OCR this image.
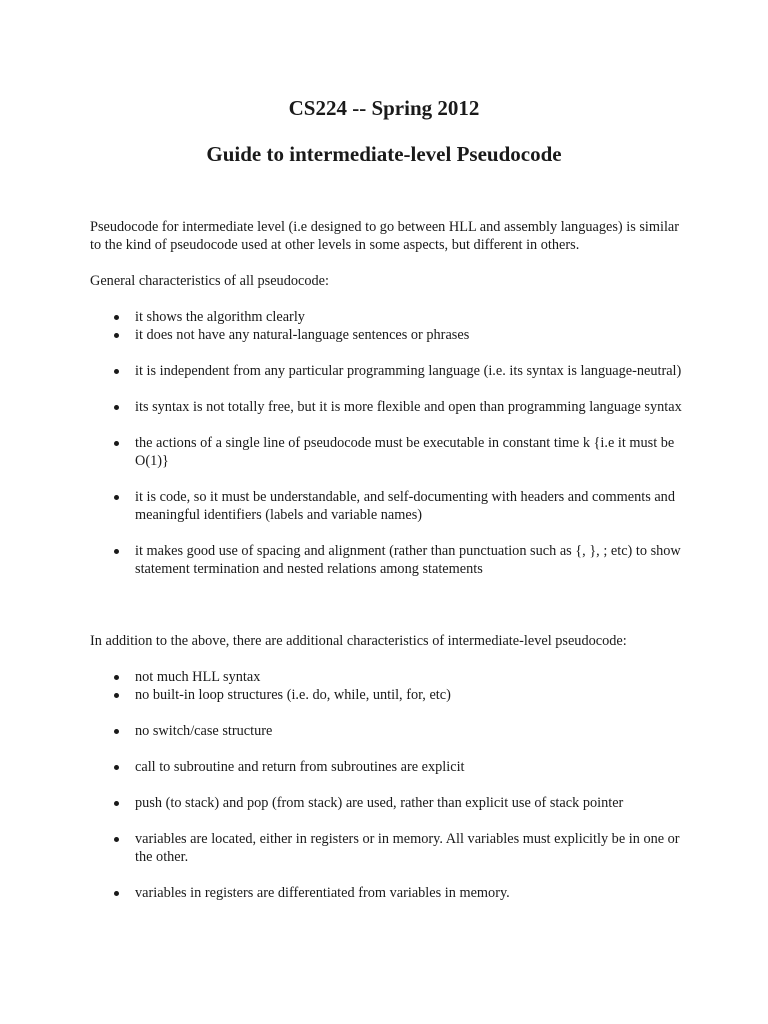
CS224 -- Spring 2012
Guide to intermediate-level Pseudocode

Pseudocode for intermediate level (i.e designed to go between HLL and assembly languages) is similar to the kind of pseudocode used at other levels in some aspects, but different in others.

General characteristics of all pseudocode:

it shows the algorithm clearly
it does not have any natural-language sentences or phrases
it is independent from any particular programming language (i.e. its syntax is language-neutral)
its syntax is not totally free, but it is more flexible and open than programming language syntax
the actions of a single line of pseudocode must be executable in constant time k {i.e it must be O(1)}
it is code, so it must be understandable, and self-documenting with headers and comments and meaningful identifiers (labels and variable names)
it makes good use of spacing and alignment (rather than punctuation such as {, }, ; etc) to show statement termination and nested relations among statements

In addition to the above, there are additional characteristics of intermediate-level pseudocode:

not much HLL syntax
no built-in loop structures (i.e. do, while, until, for, etc)
no switch/case structure
call to subroutine and return from subroutines are explicit
push (to stack) and pop (from stack) are used, rather than explicit use of stack pointer
variables are located, either in registers or in memory. All variables must explicitly be in one or the other.
variables in registers are differentiated from variables in memory.
